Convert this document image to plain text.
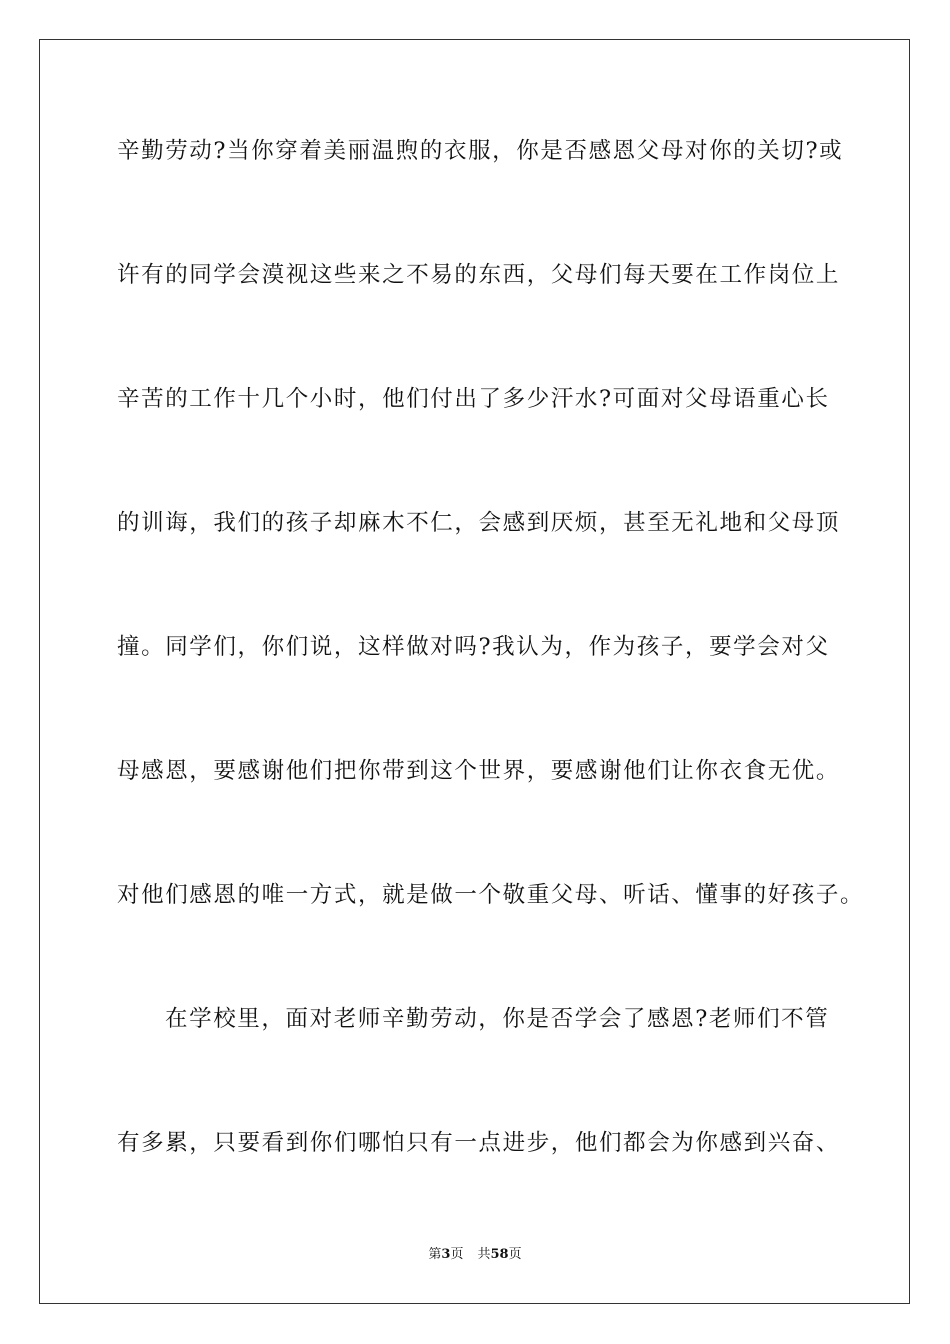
辛勤劳动?当你穿着美丽温煦的衣服，你是否感恩父母对你的关切?或
许有的同学会漠视这些来之不易的东西，父母们每天要在工作岗位上
辛苦的工作十几个小时，他们付出了多少汗水?可面对父母语重心长
的训诲，我们的孩子却麻木不仁，会感到厌烦，甚至无礼地和父母顶
撞。同学们，你们说，这样做对吗?我认为，作为孩子，要学会对父
母感恩，要感谢他们把你带到这个世界，要感谢他们让你衣食无优。
对他们感恩的唯一方式，就是做一个敬重父母、听话、懂事的好孩子。
在学校里，面对老师辛勤劳动，你是否学会了感恩?老师们不管
有多累，只要看到你们哪怕只有一点进步，他们都会为你感到兴奋、
第3页 共58页
